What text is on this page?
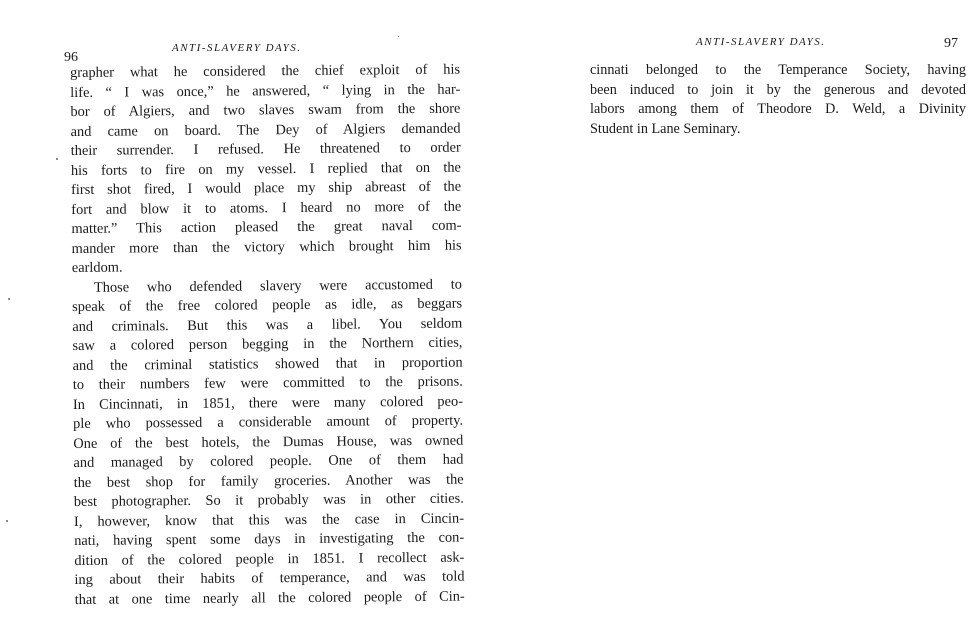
96
ANTI-SLAVERY DAYS.
grapher what he considered the chief exploit of his
life. “ I was once,” he answered, “ lying in the har-
bor of Algiers, and two slaves swam from the shore
and came on board. The Dey of Algiers demanded
their surrender. I refused. He threatened to order
his forts to fire on my vessel. I replied that on the
first shot fired, I would place my ship abreast of the
fort and blow it to atoms. I heard no more of the
matter.” This action pleased the great naval com-
mander more than the victory which brought him his
earldom.
Those who defended slavery were accustomed to
speak of the free colored people as idle, as beggars
and criminals. But this was a libel. You seldom
saw a colored person begging in the Northern cities,
and the criminal statistics showed that in proportion
to their numbers few were committed to the prisons.
In Cincinnati, in 1851, there were many colored peo-
ple who possessed a considerable amount of property.
One of the best hotels, the Dumas House, was owned
and managed by colored people. One of them had
the best shop for family groceries. Another was the
best photographer. So it probably was in other cities.
I, however, know that this was the case in Cincin-
nati, having spent some days in investigating the con-
dition of the colored people in 1851. I recollect ask-
ing about their habits of temperance, and was told
that at one time nearly all the colored people of Cin-
97
ANTI-SLAVERY DAYS.
cinnati belonged to the Temperance Society, having
been induced to join it by the generous and devoted
labors among them of Theodore D. Weld, a Divinity
Student in Lane Seminary.
